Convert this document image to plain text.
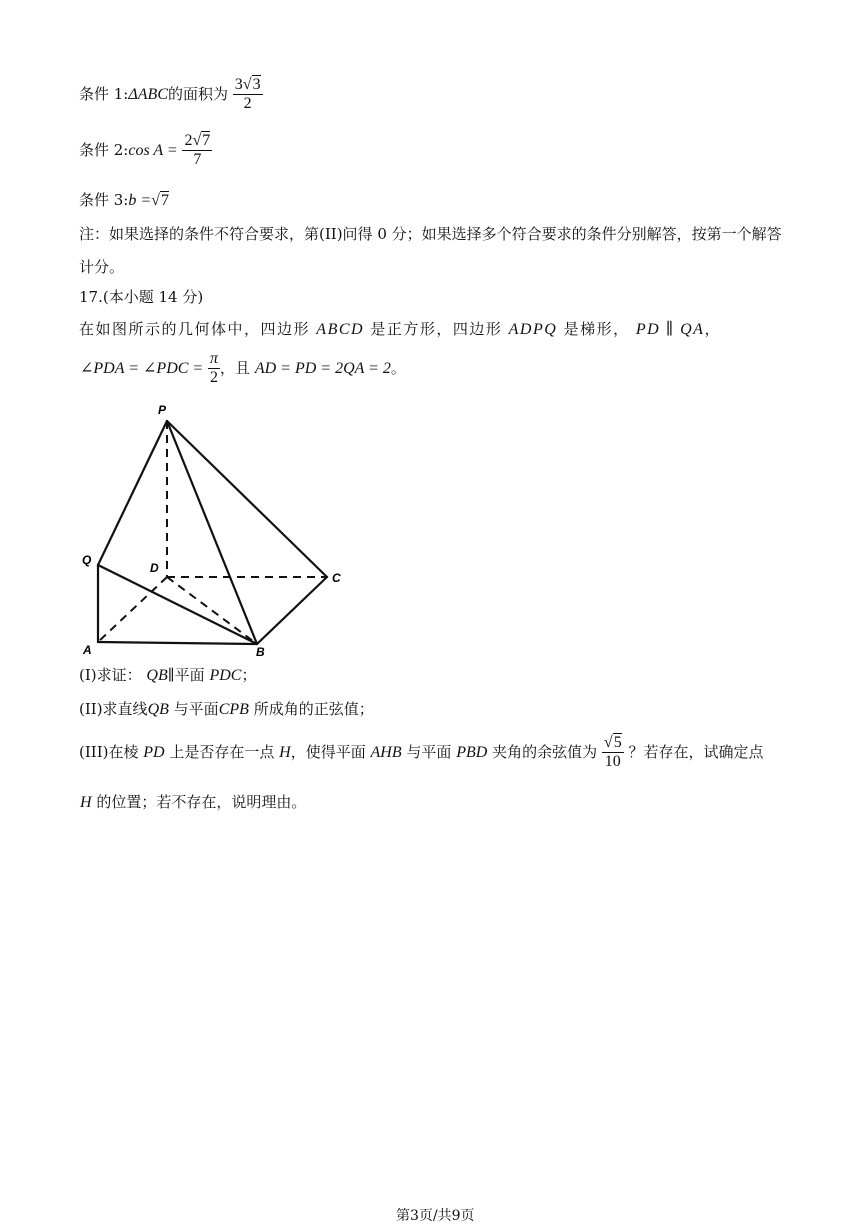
条件 1:ΔABC的面积为 $\frac{3√3}{2}$
条件 2:cos $A = \frac{2√7}{7}$
条件 3:b =√7
注：如果选择的条件不符合要求，第(II)问得 0 分；如果选择多个符合要求的条件分别解答，按第一个解答
计分。
17.(本小题 14 分)
在如图所示的几何体中，四边形 ABCD 是正方形，四边形 ADPQ 是梯形， PD ∥ QA，
∠PDA = ∠PDC = $\frac{\pi}{2}$ ，且 AD = PD = 2QA = 2。
P
Q
D
C
A	B
(I)求证： QB∥平面 PDC；
(II)求直线QB 与平面CPB 所成角的正弦值；
(III)在棱 PD 上是否存在一点 H，使得平面 AHB 与平面 PBD 夹角的余弦值为 $\frac{√5}{10}$ ？若存在，试确定点
H 的位置；若不存在，说明理由。
第3页/共9页
